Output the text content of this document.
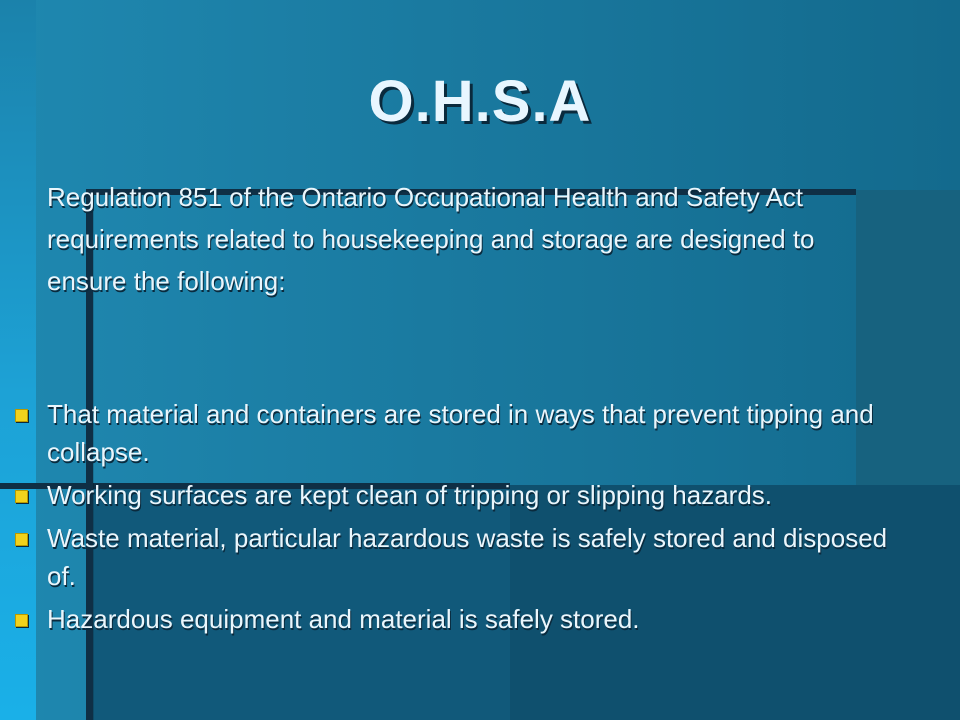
O.H.S.A
Regulation 851 of the Ontario Occupational Health and Safety Act requirements related to housekeeping and storage are designed to ensure the following:
That material and containers are stored in ways that prevent tipping and collapse.
Working surfaces are kept clean of tripping or slipping hazards.
Waste material, particular hazardous waste is safely stored and disposed of.
Hazardous equipment and material is safely stored.
